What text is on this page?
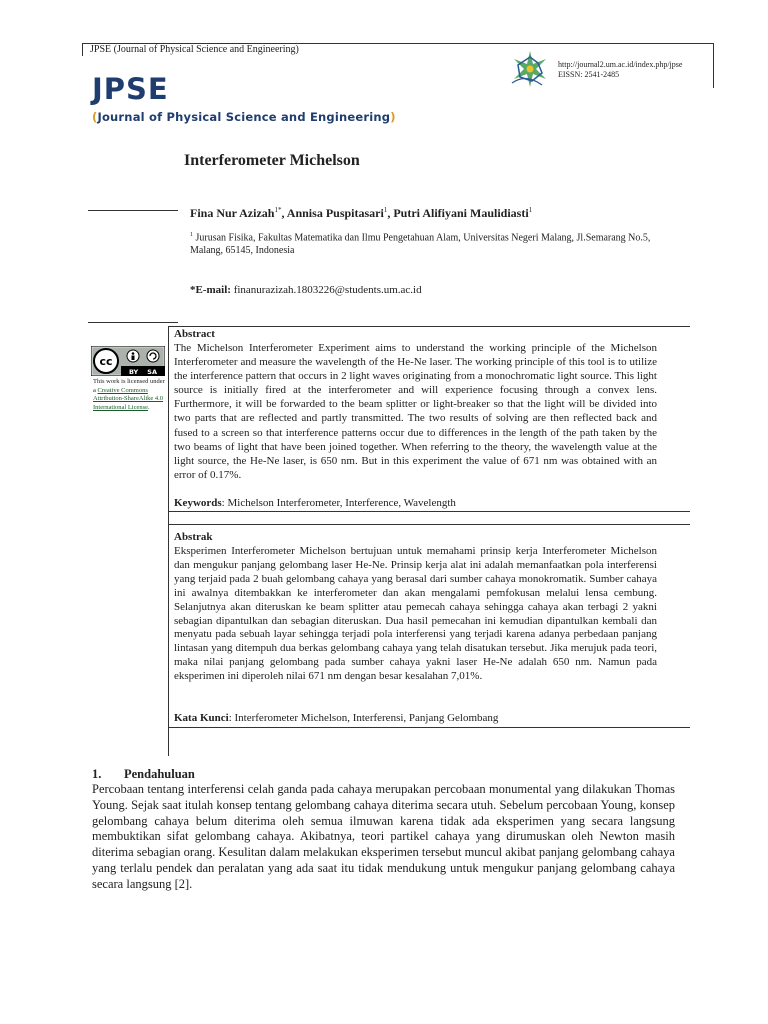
JPSE (Journal of Physical Science and Engineering)
JPSE
(Journal of Physical Science and Engineering)
http://journal2.um.ac.id/index.php/jpse
EISSN: 2541-2485
Interferometer Michelson
Fina Nur Azizah$^{1*}$, Annisa Puspitasari$^1$, Putri Alifiyani Maulidiasti$^1$
$^1$ Jurusan Fisika, Fakultas Matematika dan Ilmu Pengetahuan Alam, Universitas Negeri Malang, Jl.Semarang No.5, Malang, 65145, Indonesia
*E-mail: finanurazizah.1803226@students.um.ac.id
cc
BY    SA
This work is licensed under a Creative Commons Attribution-ShareAlike 4.0 International License.
Abstract
The Michelson Interferometer Experiment aims to understand the working principle of the Michelson Interferometer and measure the wavelength of the He-Ne laser. The working principle of this tool is to utilize the interference pattern that occurs in 2 light waves originating from a monochromatic light source. This light source is initially fired at the interferometer and will experience focusing through a convex lens. Furthermore, it will be forwarded to the beam splitter or light-breaker so that the light will be divided into two parts that are reflected and partly transmitted. The two results of solving are then reflected back and fused to a screen so that interference patterns occur due to differences in the length of the path taken by the two beams of light that have been joined together. When referring to the theory, the wavelength value at the light source, the He-Ne laser, is 650 nm. But in this experiment the value of 671 nm was obtained with an error of 0.17%.
Keywords: Michelson Interferometer, Interference, Wavelength
Abstrak
Eksperimen Interferometer Michelson bertujuan untuk memahami prinsip kerja Interferometer Michelson dan mengukur panjang gelombang laser He-Ne. Prinsip kerja alat ini adalah memanfaatkan pola interferensi yang terjaid pada 2 buah gelombang cahaya yang berasal dari sumber cahaya monokromatik. Sumber cahaya ini awalnya ditembakkan ke interferometer dan akan mengalami pemfokusan melalui lensa cembung. Selanjutnya akan diteruskan ke beam splitter atau pemecah cahaya sehingga cahaya akan terbagi 2 yakni sebagian dipantulkan dan sebagian diteruskan. Dua hasil pemecahan ini kemudian dipantulkan kembali dan menyatu pada sebuah layar sehingga terjadi pola interferensi yang terjadi karena adanya perbedaan panjang lintasan yang ditempuh dua berkas gelombang cahaya yang telah disatukan tersebut. Jika merujuk pada teori, maka nilai panjang gelombang pada sumber cahaya yakni laser He-Ne adalah 650 nm. Namun pada eksperimen ini diperoleh nilai 671 nm dengan besar kesalahan 7,01%.
Kata Kunci: Interferometer Michelson, Interferensi, Panjang Gelombang
1. Pendahuluan
Percobaan tentang interferensi celah ganda pada cahaya merupakan percobaan monumental yang dilakukan Thomas Young. Sejak saat itulah konsep tentang gelombang cahaya diterima secara utuh. Sebelum percobaan Young, konsep gelombang cahaya belum diterima oleh semua ilmuwan karena tidak ada eksperimen yang secara langsung membuktikan sifat gelombang cahaya. Akibatnya, teori partikel cahaya yang dirumuskan oleh Newton masih diterima sebagian orang. Kesulitan dalam melakukan eksperimen tersebut muncul akibat panjang gelombang cahaya yang terlalu pendek dan peralatan yang ada saat itu tidak mendukung untuk mengukur panjang gelombang cahaya secara langsung [2].
